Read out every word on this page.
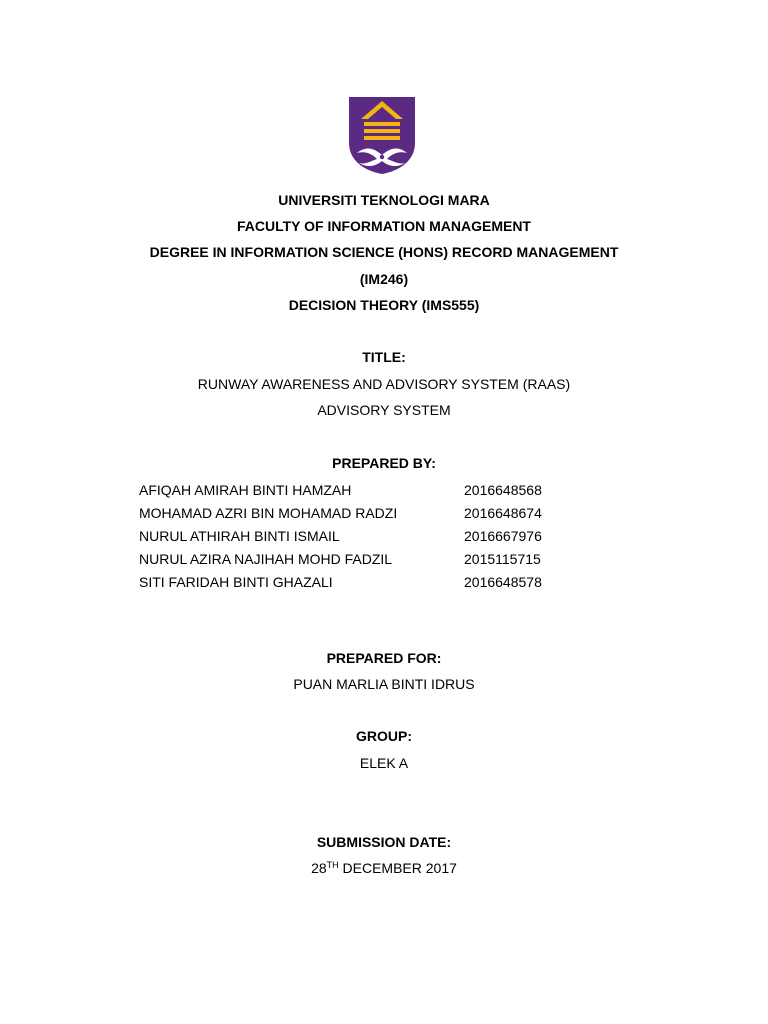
UNIVERSITI TEKNOLOGI MARA
FACULTY OF INFORMATION MANAGEMENT
DEGREE IN INFORMATION SCIENCE (HONS) RECORD MANAGEMENT
(IM246)
DECISION THEORY (IMS555)
TITLE:
RUNWAY AWARENESS AND ADVISORY SYSTEM (RAAS)
ADVISORY SYSTEM
PREPARED BY:
AFIQAH AMIRAH BINTI HAMZAH	2016648568
MOHAMAD AZRI BIN MOHAMAD RADZI	2016648674
NURUL ATHIRAH BINTI ISMAIL	2016667976
NURUL AZIRA NAJIHAH MOHD FADZIL	2015115715
SITI FARIDAH BINTI GHAZALI	2016648578
PREPARED FOR:
PUAN MARLIA BINTI IDRUS
GROUP:
ELEK A
SUBMISSION DATE:
28TH DECEMBER 2017
